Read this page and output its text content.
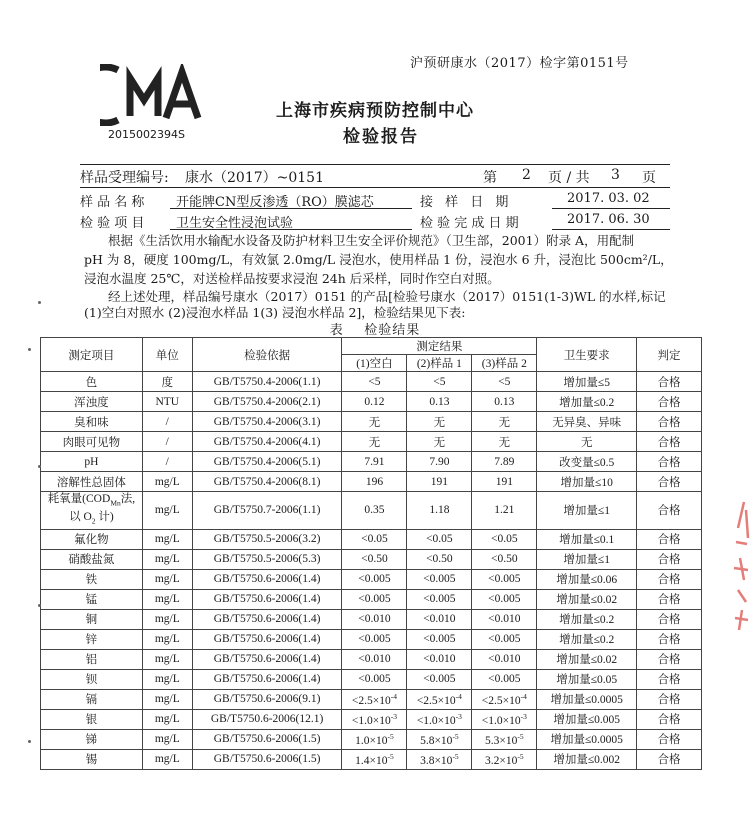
沪预研康水（2017）检字第0151号
2015002394S
上海市疾病预防控制中心
检验报告
样品受理编号: 康水（2017）~0151	第 2 页 / 共 3 页
样 品 名 称 开能牌CN型反渗透（RO）膜滤芯	接 样 日 期	2017. 03. 02
检 验 项 目 卫生安全性浸泡试验	检 验 完 成 日 期	2017. 06. 30
根据《生活饮用水输配水设备及防护材料卫生安全评价规范》（卫生部，2001）附录 A，用配制
pH 为 8，硬度 100mg/L，有效氯 2.0mg/L 浸泡水，使用样品 1 份，浸泡水 6 升，浸泡比 500cm²/L，
浸泡水温度 25℃，对送检样品按要求浸泡 24h 后采样，同时作空白对照。
经上述处理，样品编号康水（2017）0151 的产品[检验号康水（2017）0151(1-3)WL 的水样,标记
(1)空白对照水 (2)浸泡水样品 1(3) 浸泡水样品 2]，检验结果见下表:
表    检验结果
测定项目	单位	检验依据	测定结果			卫生要求	判定
			(1)空白	(2)样品 1	(3)样品 2		
色	度	GB/T5750.4-2006(1.1)	<5	<5	<5	增加量≤5	合格
浑浊度	NTU	GB/T5750.4-2006(2.1)	0.12	0.13	0.13	增加量≤0.2	合格
臭和味	/	GB/T5750.4-2006(3.1)	无	无	无	无异臭、异味	合格
肉眼可见物	/	GB/T5750.4-2006(4.1)	无	无	无	无	合格
pH	/	GB/T5750.4-2006(5.1)	7.91	7.90	7.89	改变量≤0.5	合格
溶解性总固体	mg/L	GB/T5750.4-2006(8.1)	196	191	191	增加量≤10	合格
耗氧量($COD_{Mn}$法,
以 $O_2$ 计)	mg/L	GB/T5750.7-2006(1.1)	0.35	1.18	1.21	增加量≤1	合格
氟化物	mg/L	GB/T5750.5-2006(3.2)	<0.05	<0.05	<0.05	增加量≤0.1	合格
硝酸盐氮	mg/L	GB/T5750.5-2006(5.3)	<0.50	<0.50	<0.50	增加量≤1	合格
铁	mg/L	GB/T5750.6-2006(1.4)	<0.005	<0.005	<0.005	增加量≤0.06	合格
锰	mg/L	GB/T5750.6-2006(1.4)	<0.005	<0.005	<0.005	增加量≤0.02	合格
铜	mg/L	GB/T5750.6-2006(1.4)	<0.010	<0.010	<0.010	增加量≤0.2	合格
锌	mg/L	GB/T5750.6-2006(1.4)	<0.005	<0.005	<0.005	增加量≤0.2	合格
铝	mg/L	GB/T5750.6-2006(1.4)	<0.010	<0.010	<0.010	增加量≤0.02	合格
钡	mg/L	GB/T5750.6-2006(1.4)	<0.005	<0.005	<0.005	增加量≤0.05	合格
镉	mg/L	GB/T5750.6-2006(9.1)	$<2.5\times 10^{-4}$	$<2.5\times 10^{-4}$	$<2.5\times 10^{-4}$	增加量≤0.0005	合格
银	mg/L	GB/T5750.6-2006(12.1)	$<1.0\times 10^{-3}$	$<1.0\times 10^{-3}$	$<1.0\times 10^{-3}$	增加量≤0.005	合格
锑	mg/L	GB/T5750.6-2006(1.5)	$1.0\times 10^{-5}$	$5.8\times 10^{-5}$	$5.3\times 10^{-5}$	增加量≤0.0005	合格
锡	mg/L	GB/T5750.6-2006(1.5)	$1.4\times 10^{-5}$	$3.8\times 10^{-5}$	$3.2\times 10^{-5}$	增加量≤0.002	合格
